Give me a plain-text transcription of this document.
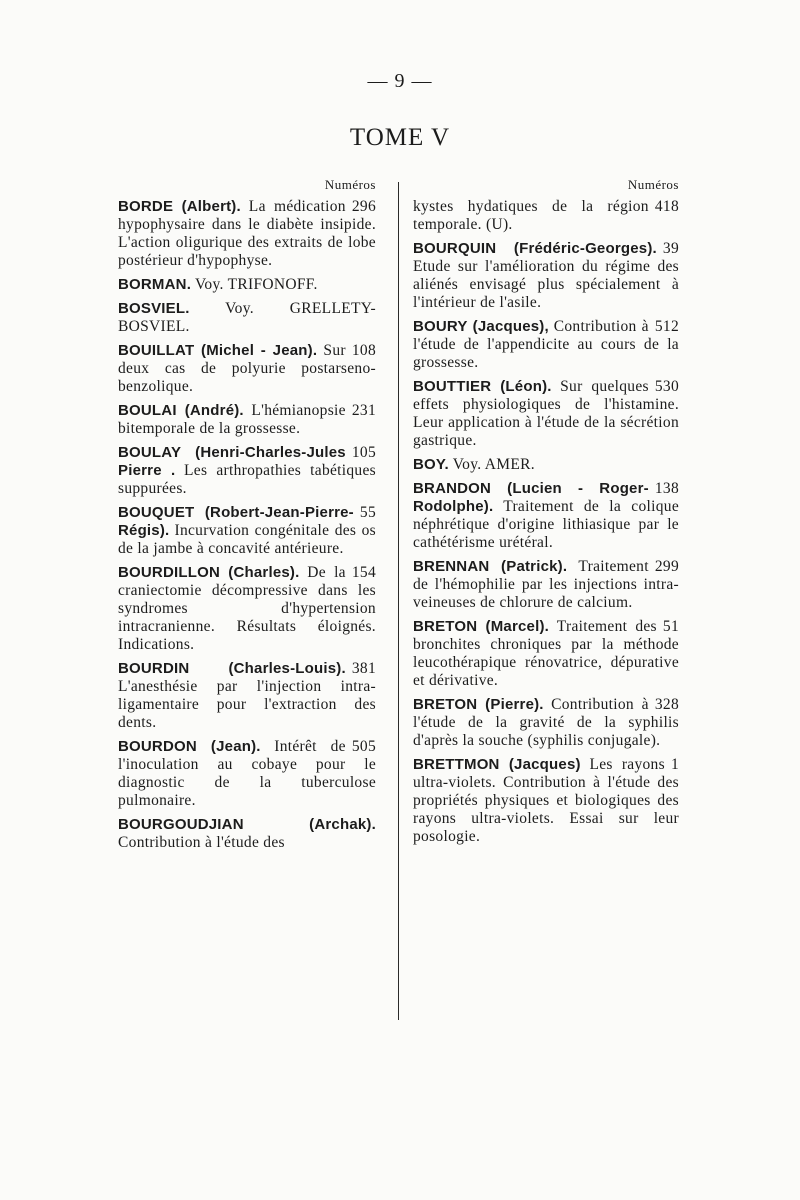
— 9 —
TOME V
Numéros
296
BORDE (Albert). La médication hypophysaire dans le diabète insipide. L'action oligurique des extraits de lobe postérieur d'hypophyse.
BORMAN. Voy. TRIFONOFF.
BOSVIEL. Voy. GRELLETY-BOSVIEL.
108
BOUILLAT (Michel - Jean). Sur deux cas de polyurie postarseno-benzolique.
231
BOULAI (André). L'hémianopsie bitemporale de la grossesse.
105
BOULAY (Henri-Charles-Jules Pierre . Les arthropathies tabétiques suppurées.
55
BOUQUET (Robert-Jean-Pierre-Régis). Incurvation congénitale des os de la jambe à concavité antérieure.
154
BOURDILLON (Charles). De la craniectomie décompressive dans les syndromes d'hypertension intracranienne. Résultats éloignés. Indications.
381
BOURDIN (Charles-Louis). L'anesthésie par l'injection intra-ligamentaire pour l'extraction des dents.
505
BOURDON (Jean). Intérêt de l'inoculation au cobaye pour le diagnostic de la tuberculose pulmonaire.
BOURGOUDJIAN (Archak). Contribution à l'étude des
Numéros
418
kystes hydatiques de la région temporale. (U).
39
BOURQUIN (Frédéric-Georges). Etude sur l'amélioration du régime des aliénés envisagé plus spécialement à l'intérieur de l'asile.
512
BOURY (Jacques), Contribution à l'étude de l'appendicite au cours de la grossesse.
530
BOUTTIER (Léon). Sur quelques effets physiologiques de l'histamine. Leur application à l'étude de la sécrétion gastrique.
BOY. Voy. AMER.
138
BRANDON (Lucien - Roger-Rodolphe). Traitement de la colique néphrétique d'origine lithiasique par le cathétérisme urétéral.
299
BRENNAN (Patrick). Traitement de l'hémophilie par les injections intra-veineuses de chlorure de calcium.
51
BRETON (Marcel). Traitement des bronchites chroniques par la méthode leucothérapique rénovatrice, dépurative et dérivative.
328
BRETON (Pierre). Contribution à l'étude de la gravité de la syphilis d'après la souche (syphilis conjugale).
1
BRETTMON (Jacques) Les rayons ultra-violets. Contribution à l'étude des propriétés physiques et biologiques des rayons ultra-violets. Essai sur leur posologie.
